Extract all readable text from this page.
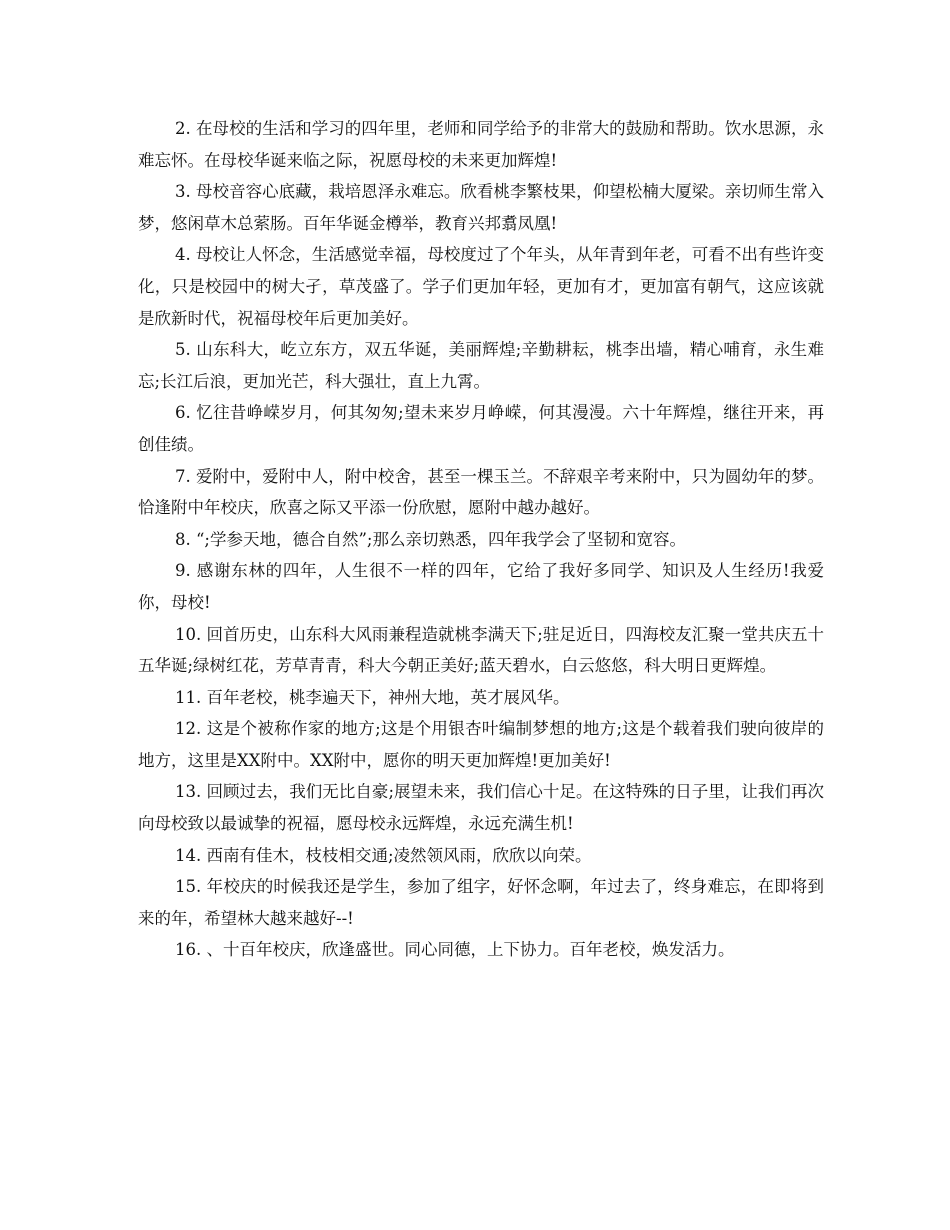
2. 在母校的生活和学习的四年里，老师和同学给予的非常大的鼓励和帮助。饮水思源，永难忘怀。在母校华诞来临之际，祝愿母校的未来更加辉煌!

3. 母校音容心底藏，栽培恩泽永难忘。欣看桃李繁枝果，仰望松楠大厦梁。亲切师生常入梦，悠闲草木总萦肠。百年华诞金樽举，教育兴邦翥凤凰!

4. 母校让人怀念，生活感觉幸福，母校度过了个年头，从年青到年老，可看不出有些许变化，只是校园中的树大孑，草茂盛了。学子们更加年轻，更加有才，更加富有朝气，这应该就是欣新时代，祝福母校年后更加美好。

5. 山东科大，屹立东方，双五华诞，美丽辉煌;辛勤耕耘，桃李出墙，精心哺育，永生难忘;长江后浪，更加光芒，科大强壮，直上九霄。

6. 忆往昔峥嵘岁月，何其匆匆;望未来岁月峥嵘，何其漫漫。六十年辉煌，继往开来，再创佳绩。

7. 爱附中，爱附中人，附中校舍，甚至一棵玉兰。不辞艰辛考来附中，只为圆幼年的梦。恰逢附中年校庆，欣喜之际又平添一份欣慰，愿附中越办越好。

8. “;学参天地，德合自然”;那么亲切熟悉，四年我学会了坚韧和宽容。

9. 感谢东林的四年，人生很不一样的四年，它给了我好多同学、知识及人生经历!我爱你，母校!

10. 回首历史，山东科大风雨兼程造就桃李满天下;驻足近日，四海校友汇聚一堂共庆五十五华诞;绿树红花，芳草青青，科大今朝正美好;蓝天碧水，白云悠悠，科大明日更辉煌。

11. 百年老校，桃李遍天下，神州大地，英才展风华。

12. 这是个被称作家的地方;这是个用银杏叶编制梦想的地方;这是个载着我们驶向彼岸的地方，这里是XX附中。XX附中，愿你的明天更加辉煌!更加美好!

13. 回顾过去，我们无比自豪;展望未来，我们信心十足。在这特殊的日子里，让我们再次向母校致以最诚挚的祝福，愿母校永远辉煌，永远充满生机!

14. 西南有佳木，枝枝相交通;凌然领风雨，欣欣以向荣。

15. 年校庆的时候我还是学生，参加了组字，好怀念啊，年过去了，终身难忘，在即将到来的年，希望林大越来越好--!

16. 、十百年校庆，欣逢盛世。同心同德，上下协力。百年老校，焕发活力。
